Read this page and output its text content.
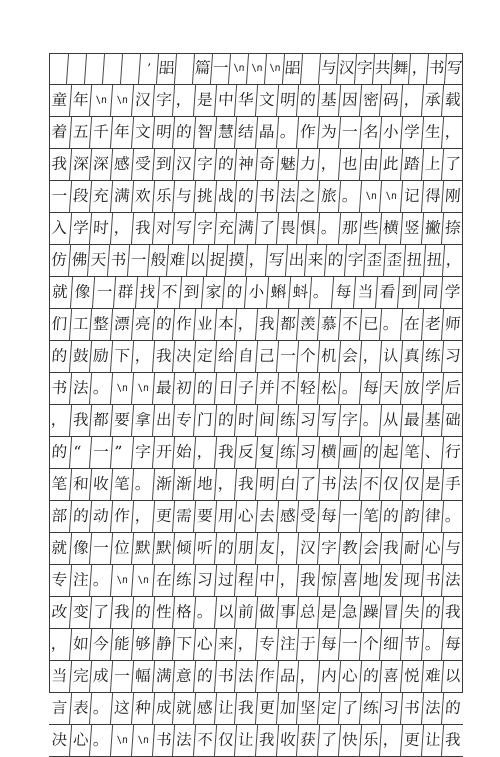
ʼ 㗊 篇 一 \n \n \n 㗊 与 汉 字 共 舞 ， 书 写
童 年 \n \n 汉 字 ， 是 中 华 文 明 的 基 因 密 码 ， 承 载
着 五 千 年 文 明 的 智 慧 结 晶 。 作 为 一 名 小 学 生 ，
我 深 深 感 受 到 汉 字 的 神 奇 魅 力 ， 也 由 此 踏 上 了
一 段 充 满 欢 乐 与 挑 战 的 书 法 之 旅 。 \n \n 记 得 刚
入 学 时 ， 我 对 写 字 充 满 了 畏 惧 。 那 些 横 竖 撇 捺
仿 佛 天 书 一 般 难 以 捉 摸 ， 写 出 来 的 字 歪 歪 扭 扭 ，
就 像 一 群 找 不 到 家 的 小 蝌 蚪 。 每 当 看 到 同 学
们 工 整 漂 亮 的 作 业 本 ， 我 都 羡 慕 不 已 。 在 老 师
的 鼓 励 下 ， 我 决 定 给 自 己 一 个 机 会 ， 认 真 练 习
书 法 。 \n \n 最 初 的 日 子 并 不 轻 松 。 每 天 放 学 后
， 我 都 要 拿 出 专 门 的 时 间 练 习 写 字 。 从 最 基 础
的 “ 一 ” 字 开 始 ， 我 反 复 练 习 横 画 的 起 笔 、 行
笔 和 收 笔 。 渐 渐 地 ， 我 明 白 了 书 法 不 仅 仅 是 手
部 的 动 作 ， 更 需 要 用 心 去 感 受 每 一 笔 的 韵 律 。
就 像 一 位 默 默 倾 听 的 朋 友 ， 汉 字 教 会 我 耐 心 与
专 注 。 \n \n 在 练 习 过 程 中 ， 我 惊 喜 地 发 现 书 法
改 变 了 我 的 性 格 。 以 前 做 事 总 是 急 躁 冒 失 的 我
， 如 今 能 够 静 下 心 来 ， 专 注 于 每 一 个 细 节 。 每
当 完 成 一 幅 满 意 的 书 法 作 品 ， 内 心 的 喜 悦 难 以
言 表 。 这 种 成 就 感 让 我 更 加 坚 定 了 练 习 书 法 的
决 心 。 \n \n 书 法 不 仅 让 我 收 获 了 快 乐 ， 更 让 我
